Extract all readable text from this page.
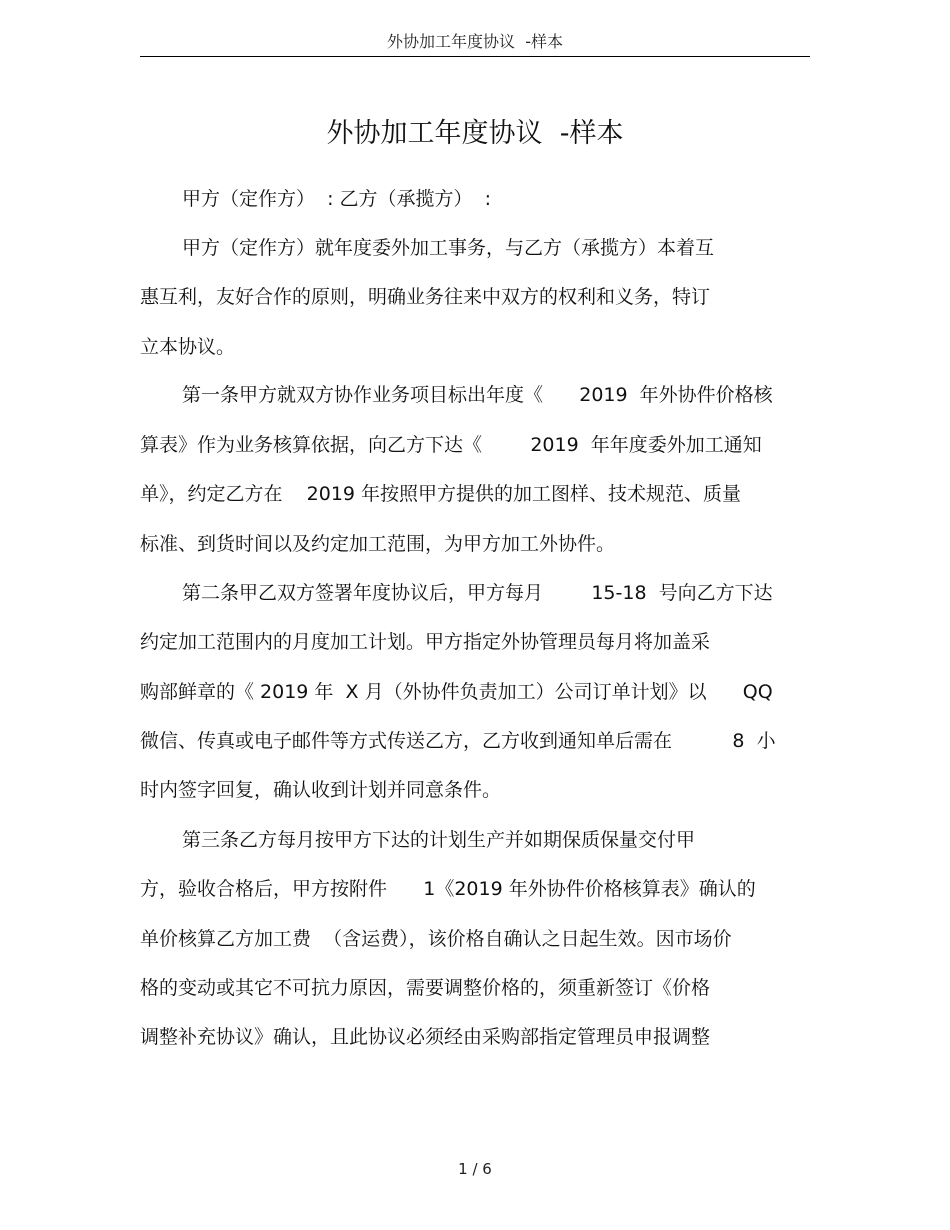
外协加工年度协议  -样本
外协加工年度协议  -样本
甲方（定作方）  : 乙方（承揽方）  :
甲方（定作方）就年度委外加工事务，与乙方（承揽方）本着互
惠互利，友好合作的原则，明确业务往来中双方的权利和义务，特订
立本协议。
第一条甲方就双方协作业务项目标出年度《      2019  年外协件价格核
算表》作为业务核算依据，向乙方下达《        2019  年年度委外加工通知
单》，约定乙方在    2019 年按照甲方提供的加工图样、技术规范、质量
标准、到货时间以及约定加工范围，为甲方加工外协件。
第二条甲乙双方签署年度协议后，甲方每月        15-18  号向乙方下达
约定加工范围内的月度加工计划。甲方指定外协管理员每月将加盖采
购部鲜章的《 2019 年  X 月（外协件负责加工）公司订单计划》以      QQ
微信、传真或电子邮件等方式传送乙方，乙方收到通知单后需在          8  小
时内签字回复，确认收到计划并同意条件。
第三条乙方每月按甲方下达的计划生产并如期保质保量交付甲
方，验收合格后，甲方按附件      1《2019 年外协件价格核算表》确认的
单价核算乙方加工费  （含运费），该价格自确认之日起生效。因市场价
格的变动或其它不可抗力原因，需要调整价格的，须重新签订《价格
调整补充协议》确认，且此协议必须经由采购部指定管理员申报调整
1 / 6
